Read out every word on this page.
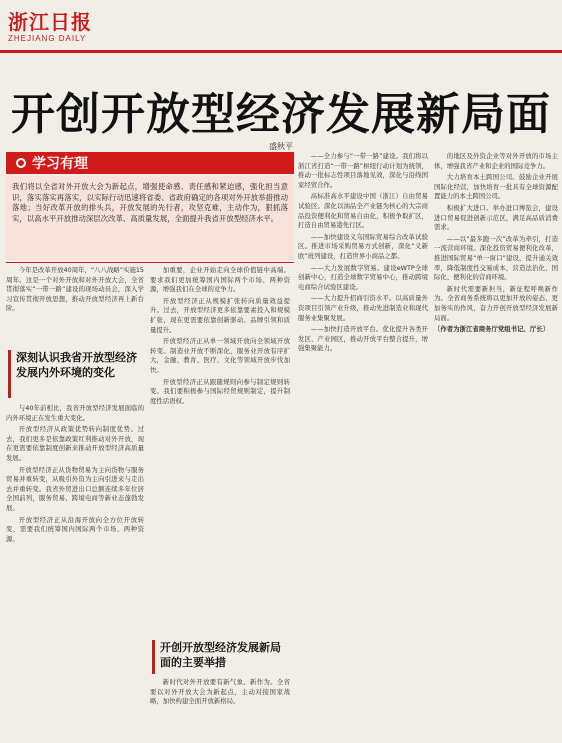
浙江日报
ZHEJIANG DAILY
开创开放型经济发展新局面
盛秋平
学习有理
我们将以全省对外开放大会为新起点，增强使命感、责任感和紧迫感，强化担当意识，落实落实再落实，以实际行动迅速将省委、省政府确定的各项对外开放举措推动落地；当好改革开放的排头兵，开放发展的先行者，攻坚克难，主动作为，狠抓落实，以高水平开放推动深层次改革、高质量发展，全面提升我省开放型经济水平。

今年是改革开放40周年，“八八战略”实施15周年。这是一个对外开放和对外开放大会，全省贯彻落实“一带一路”建设的现场动员会，深入学习宣传贯彻开放思想，推动开放型经济再上新台阶。

深刻认识我省开放型经济发展内外环境的变化

与40年前相比，我省开放型经济发展面临的内外环境正在发生重大变化。

开放型经济从政策优势转向制度优势。过去，我们更多是依靠政策红利推动对外开放，现在更需要依靠制度创新来推动开放型经济高质量发展。

开放型经济正从货物贸易为主向货物与服务贸易并重转变，从吸引外资为主向引进来与走出去并重转变。我省外贸进出口总额连续多年位居全国前列，服务贸易、跨境电商等新业态蓬勃发展。

开放型经济正从沿海开放向全方位开放转变，需要我们统筹国内国际两个市场、两种资源。

加重要，企业开始走向全球价值链中高端。要求我们更加统筹国内国际两个市场、两种资源，增强我们在全球的竞争力。

开放型经济正从规模扩张转向质量效益提升。过去，开放型经济更多依靠要素投入和规模扩张，现在更需要依靠创新驱动、品牌引领和质量提升。

开放型经济正从单一领域开放向全领域开放转变。制造业开放不断深化，服务业开放有序扩大，金融、教育、医疗、文化等领域开放步伐加快。

开放型经济正从跟随规则向参与制定规则转变。我们要积极参与国际经贸规则制定，提升制度性话语权。

开创开放型经济发展新局面的主要举措

新时代对外开放要有新气象、新作为。全省要以对外开放大会为新起点，主动对接国家战略，加快构建全面开放新格局。

——全力参与“一带一路”建设。我们将以浙江省打造“一带一路”枢纽行动计划为统领，推动一批标志性项目落地见效，深化与沿线国家经贸合作。

高标准高水平建设中国（浙江）自由贸易试验区。深化以油品全产业链为核心的大宗商品投资便利化和贸易自由化，积极争取扩区，打造自由贸易港先行区。

——加快建设义乌国际贸易综合改革试验区。推进市场采购贸易方式创新，深化“义新欧”班列建设，打造世界小商品之都。

——大力发展数字贸易。建设eWTP全球创新中心，打造全球数字贸易中心，推动跨境电商综合试验区建设。

——大力提升招商引资水平。以高质量外资项目引领产业升级，推动先进制造业和现代服务业集聚发展。

——加快打造开放平台。优化提升各类开发区、产业园区，推动开放平台整合提升，增强集聚能力。

的地区及外资企业等对外开放的市场主体，增强我省产业和企业的国际竞争力。

大力培育本土跨国公司。鼓励企业开展国际化经营，加快培育一批具有全球资源配置能力的本土跨国公司。

积极扩大进口。举办进口博览会，建设进口贸易促进创新示范区，满足高品质消费需求。

——以“最多跑一次”改革为牵引，打造一流营商环境。深化投资贸易便利化改革，推进国际贸易“单一窗口”建设，提升通关效率，降低制度性交易成本，营造法治化、国际化、便利化的营商环境。

新时代需要新担当，新征程呼唤新作为。全省商务系统将以更加开放的姿态、更加务实的作风，奋力开创开放型经济发展新局面。

〔作者为浙江省商务厅党组书记、厅长〕
